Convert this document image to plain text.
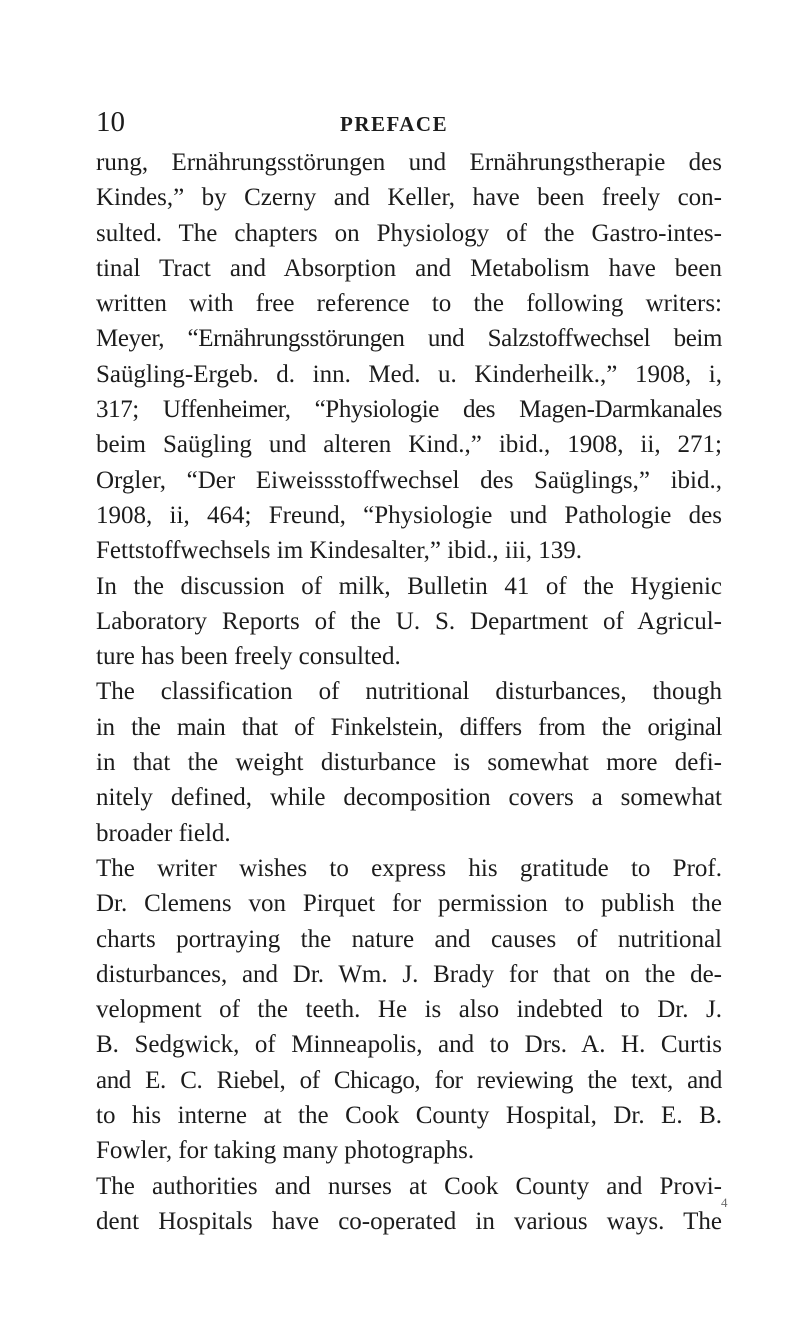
10	PREFACE
rung, Ernährungsstörungen und Ernährungstherapie des
Kindes,” by Czerny and Keller, have been freely con-
sulted. The chapters on Physiology of the Gastro-intes-
tinal Tract and Absorption and Metabolism have been
written with free reference to the following writers:
Meyer, “Ernährungsstörungen und Salzstoffwechsel beim
Saügling-Ergeb. d. inn. Med. u. Kinderheilk.,” 1908, i,
317; Uffenheimer, “Physiologie des Magen-Darmkanales
beim Saügling und alteren Kind.,” ibid., 1908, ii, 271;
Orgler, “Der Eiweissstoffwechsel des Saüglings,” ibid.,
1908, ii, 464; Freund, “Physiologie und Pathologie des
Fettstoffwechsels im Kindesalter,” ibid., iii, 139.
In the discussion of milk, Bulletin 41 of the Hygienic
Laboratory Reports of the U. S. Department of Agricul-
ture has been freely consulted.
The classification of nutritional disturbances, though
in the main that of Finkelstein, differs from the original
in that the weight disturbance is somewhat more defi-
nitely defined, while decomposition covers a somewhat
broader field.
The writer wishes to express his gratitude to Prof.
Dr. Clemens von Pirquet for permission to publish the
charts portraying the nature and causes of nutritional
disturbances, and Dr. Wm. J. Brady for that on the de-
velopment of the teeth. He is also indebted to Dr. J.
B. Sedgwick, of Minneapolis, and to Drs. A. H. Curtis
and E. C. Riebel, of Chicago, for reviewing the text, and
to his interne at the Cook County Hospital, Dr. E. B.
Fowler, for taking many photographs.
The authorities and nurses at Cook County and Provi-
dent Hospitals have co-operated in various ways. The
4
